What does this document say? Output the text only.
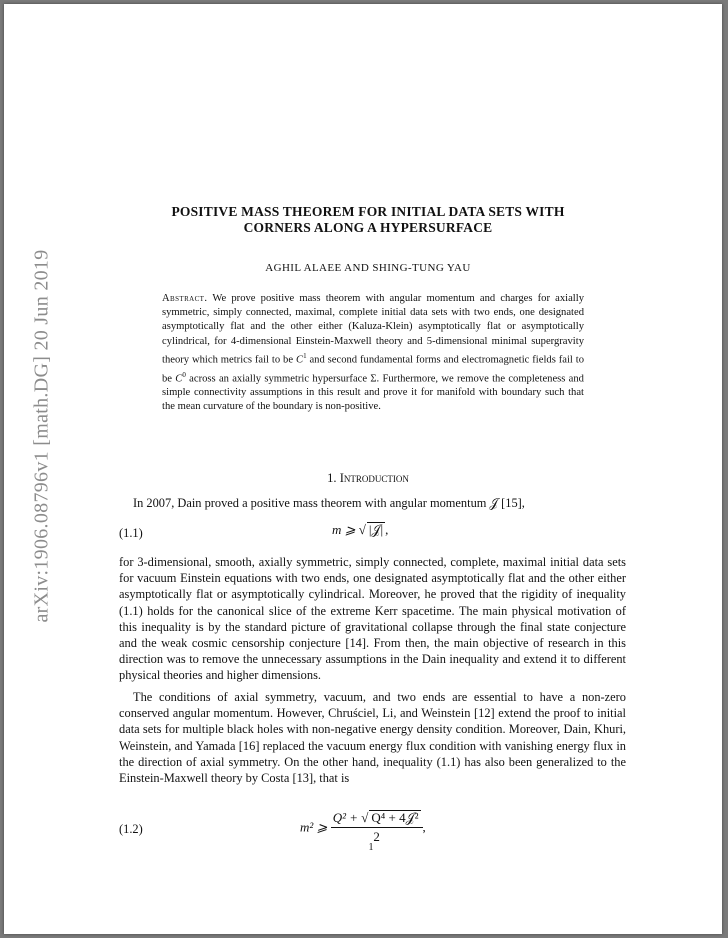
arXiv:1906.08796v1 [math.DG] 20 Jun 2019
POSITIVE MASS THEOREM FOR INITIAL DATA SETS WITH
CORNERS ALONG A HYPERSURFACE
AGHIL ALAEE AND SHING-TUNG YAU
Abstract. We prove positive mass theorem with angular momentum and charges for axially symmetric, simply connected, maximal, complete initial data sets with two ends, one designated asymptotically flat and the other either (Kaluza-Klein) asymptotically flat or asymptotically cylindrical, for 4-dimensional Einstein-Maxwell theory and 5-dimensional minimal supergravity theory which metrics fail to be $C^1$ and second fundamental forms and electromagnetic fields fail to be $C^0$ across an axially symmetric hypersurface Σ. Furthermore, we remove the completeness and simple connectivity assumptions in this result and prove it for manifold with boundary such that the mean curvature of the boundary is non-positive.
1. Introduction
In 2007, Dain proved a positive mass theorem with angular momentum 𝒥 [15],
(1.1)	m ⩾ √ |𝒥| ,
for 3-dimensional, smooth, axially symmetric, simply connected, complete, maximal initial data sets for vacuum Einstein equations with two ends, one designated asymptotically flat and the other either asymptotically flat or asymptotically cylindrical. Moreover, he proved that the rigidity of inequality (1.1) holds for the canonical slice of the extreme Kerr spacetime. The main physical motivation of this inequality is by the standard picture of gravitational collapse through the final state conjecture and the weak cosmic censorship conjecture [14]. From then, the main objective of research in this direction was to remove the unnecessary assumptions in the Dain inequality and extend it to different physical theories and higher dimensions.
The conditions of axial symmetry, vacuum, and two ends are essential to have a non-zero conserved angular momentum. However, Chruściel, Li, and Weinstein [12] extend the proof to initial data sets for multiple black holes with non-negative energy density condition. Moreover, Dain, Khuri, Weinstein, and Yamada [16] replaced the vacuum energy flux condition with vanishing energy flux in the direction of axial symmetry. On the other hand, inequality (1.1) has also been generalized to the Einstein-Maxwell theory by Costa [13], that is
(1.2)	m² ⩾ $\frac{\text{Q² + √ Q⁴ + 4𝒥²}}{2}$ ,
1
